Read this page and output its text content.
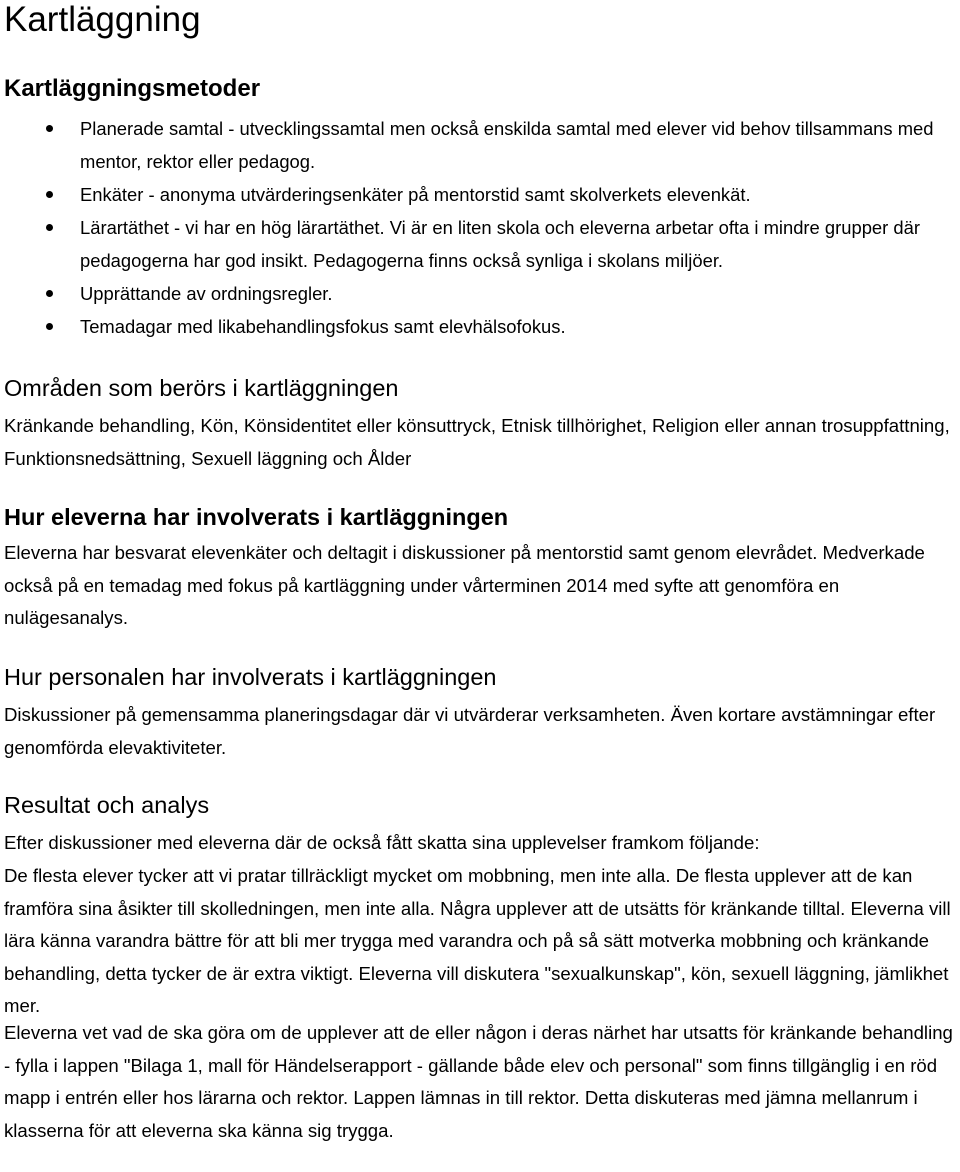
Kartläggning
Kartläggningsmetoder
Planerade samtal - utvecklingssamtal men också enskilda samtal med elever vid behov tillsammans med mentor, rektor eller pedagog.
Enkäter - anonyma utvärderingsenkäter på mentorstid samt skolverkets elevenkät.
Lärartäthet - vi har en hög lärartäthet. Vi är en liten skola och eleverna arbetar ofta i mindre grupper där pedagogerna har god insikt. Pedagogerna finns också synliga i skolans miljöer.
Upprättande av ordningsregler.
Temadagar med likabehandlingsfokus samt elevhälsofokus.
Områden som berörs i kartläggningen

Kränkande behandling, Kön, Könsidentitet eller könsuttryck, Etnisk tillhörighet, Religion eller annan trosuppfattning, Funktionsnedsättning, Sexuell läggning och Ålder

Hur eleverna har involverats i kartläggningen

Eleverna har besvarat elevenkäter och deltagit i diskussioner på mentorstid samt genom elevrådet. Medverkade också på en temadag med fokus på kartläggning under vårterminen 2014 med syfte att genomföra en nulägesanalys.

Hur personalen har involverats i kartläggningen

Diskussioner på gemensamma planeringsdagar där vi utvärderar verksamheten. Även kortare avstämningar efter genomförda elevaktiviteter.

Resultat och analys

Efter diskussioner med eleverna där de också fått skatta sina upplevelser framkom följande:

De flesta elever tycker att vi pratar tillräckligt mycket om mobbning, men inte alla. De flesta upplever att de kan framföra sina åsikter till skolledningen, men inte alla. Några upplever att de utsätts för kränkande tilltal. Eleverna vill lära känna varandra bättre för att bli mer trygga med varandra och på så sätt motverka mobbning och kränkande behandling, detta tycker de är extra viktigt. Eleverna vill diskutera "sexualkunskap", kön, sexuell läggning, jämlikhet mer.

Eleverna vet vad de ska göra om de upplever att de eller någon i deras närhet har utsatts för kränkande behandling - fylla i lappen "Bilaga 1, mall för Händelserapport - gällande både elev och personal" som finns tillgänglig i en röd mapp i entrén eller hos lärarna och rektor. Lappen lämnas in till rektor. Detta diskuteras med jämna mellanrum i klasserna för att eleverna ska känna sig trygga.
